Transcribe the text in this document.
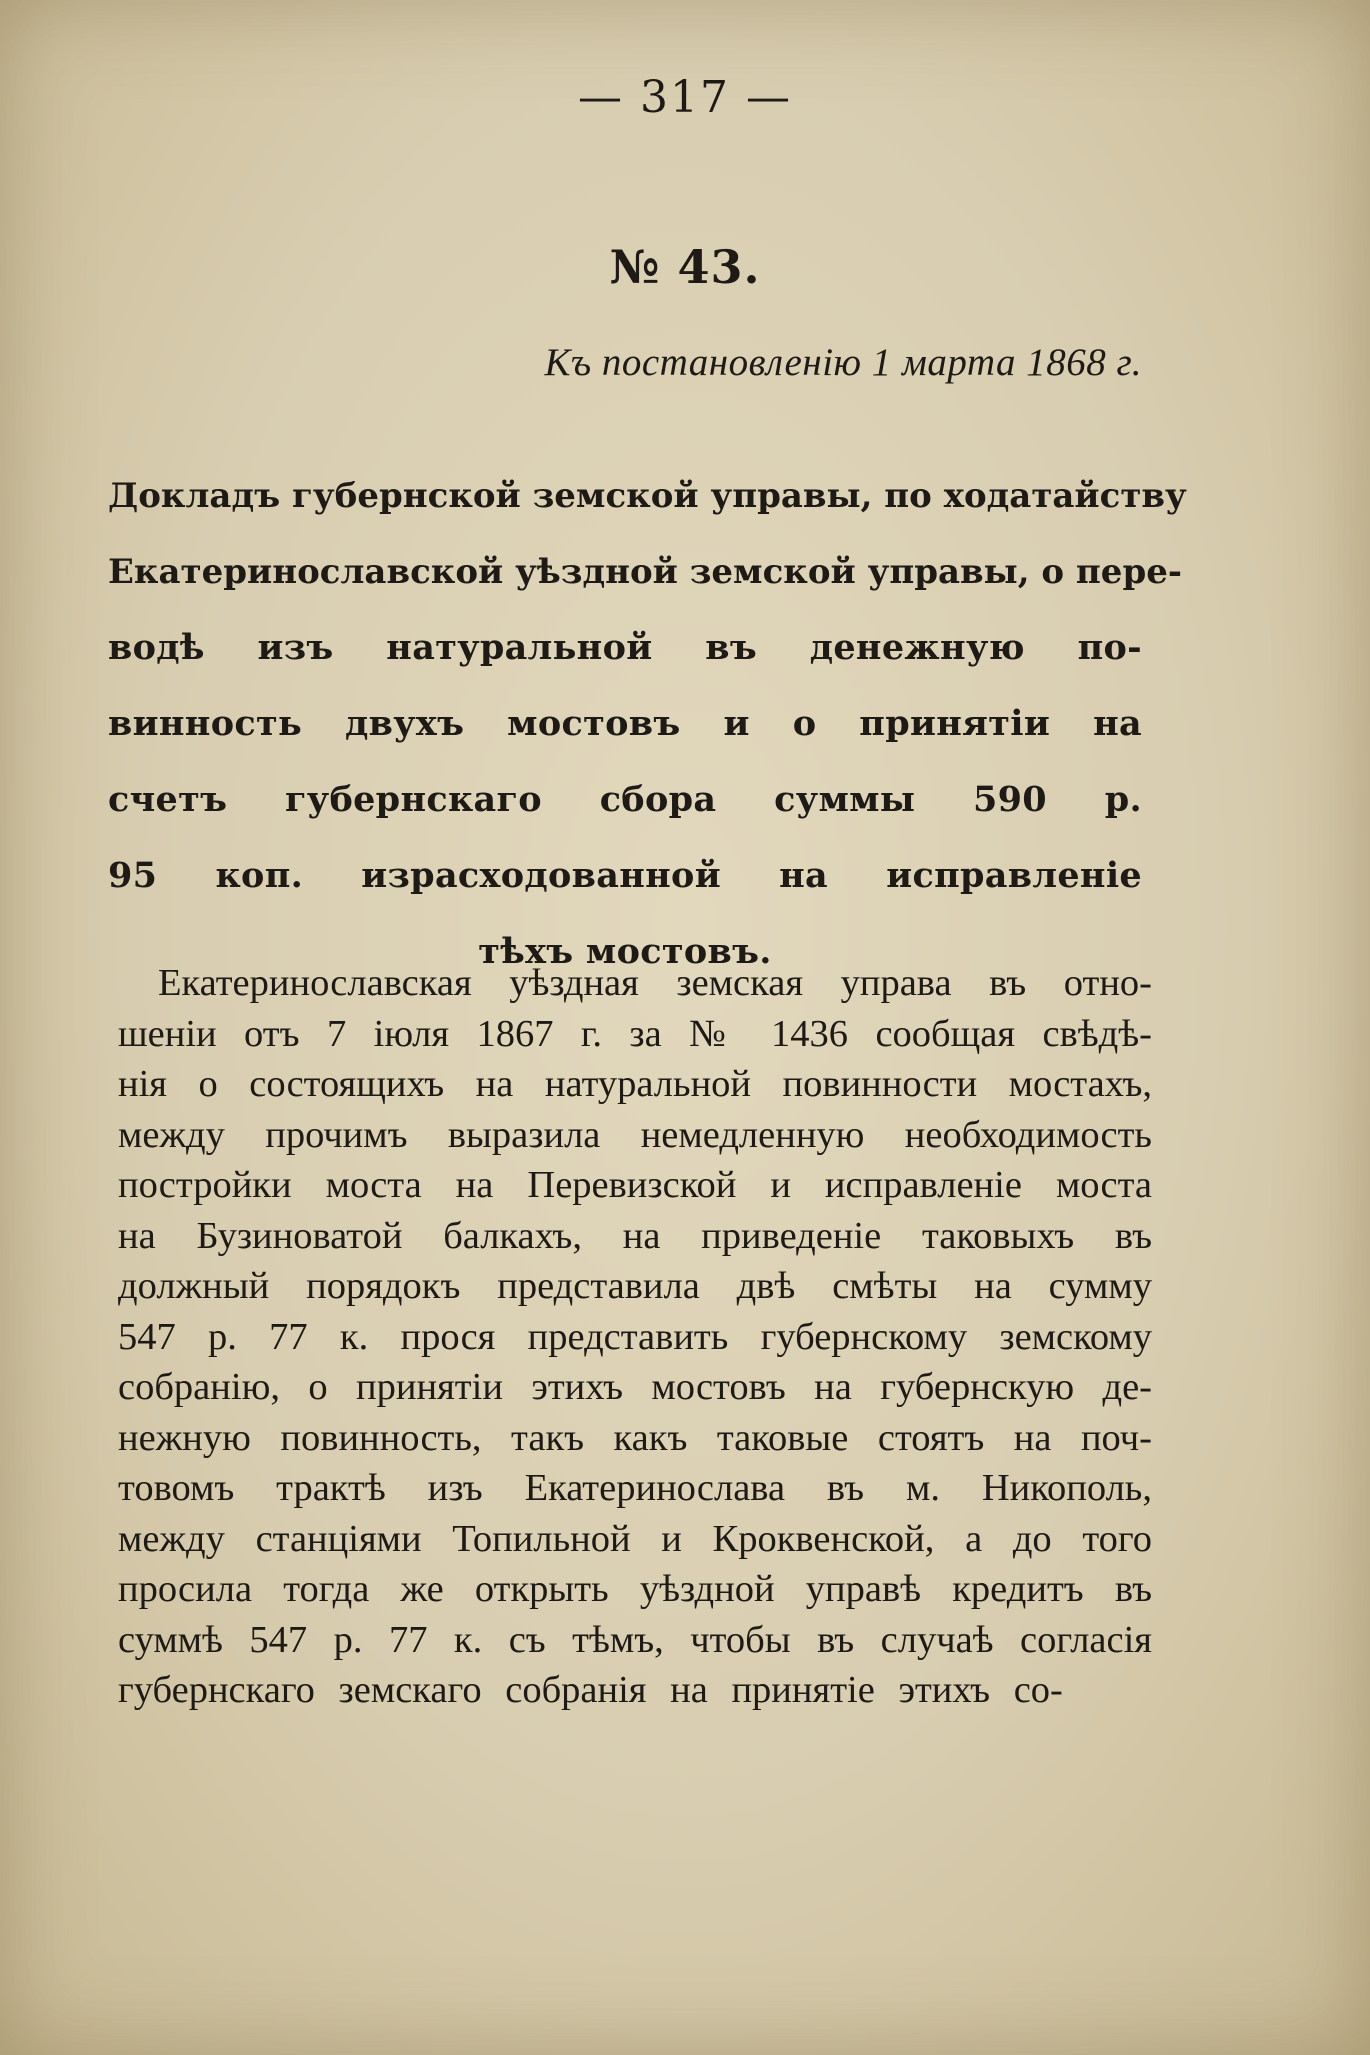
— 317 —
№ 43.
Къ постановленію 1 марта 1868 г.
Докладъ губернской земской управы, по ходатайству
Екатеринославской уѣздной земской управы, о пере-
водѣ изъ натуральной въ денежную по-
винность двухъ мостовъ и о принятіи на
счетъ губернскаго сбора суммы 590 р.
95 коп. израсходованной на исправленіе
тѣхъ мостовъ.
Екатеринославская уѣздная земская управа въ отно-
шеніи отъ 7 іюля 1867 г. за № 1436 сообщая свѣдѣ-
нія о состоящихъ на натуральной повинности мостахъ,
между прочимъ выразила немедленную необходимость
постройки моста на Перевизской и исправленіе моста
на Бузиноватой балкахъ, на приведеніе таковыхъ въ
должный порядокъ представила двѣ смѣты на сумму
547 р. 77 к. прося представить губернскому земскому
собранію, о принятіи этихъ мостовъ на губернскую де-
нежную повинность, такъ какъ таковые стоятъ на поч-
товомъ трактѣ изъ Екатеринослава въ м. Никополь,
между станціями Топильной и Кроквенской, а до того
просила тогда же открыть уѣздной управѣ кредитъ въ
суммѣ 547 р. 77 к. съ тѣмъ, чтобы въ случаѣ согласія
губернскаго земскаго собранія на принятіе этихъ со-
